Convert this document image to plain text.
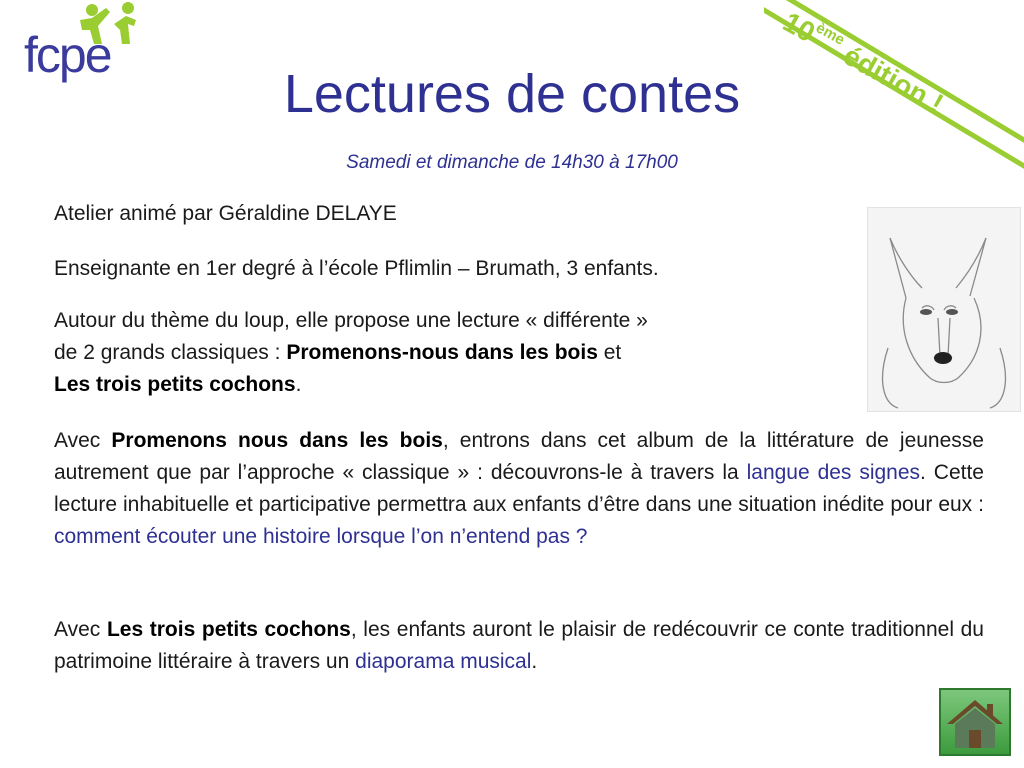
fcpe	10ème édition !
Lectures de contes
Samedi et dimanche de 14h30 à 17h00

Atelier animé par Géraldine DELAYE

Enseignante en 1er degré à l’école Pflimlin – Brumath, 3 enfants.

Autour du thème du loup, elle propose une lecture « différente »
de 2 grands classiques : Promenons-nous dans les bois et
Les trois petits cochons.

Avec Promenons nous dans les bois, entrons dans cet album de la littérature de jeunesse autrement que par l’approche « classique » : découvrons-le à travers la langue des signes. Cette lecture inhabituelle et participative permettra aux enfants d’être dans une situation inédite pour eux : comment écouter une histoire lorsque l’on n’entend pas ?

Avec Les trois petits cochons, les enfants auront le plaisir de redécouvrir ce conte traditionnel du patrimoine littéraire à travers un diaporama musical.
